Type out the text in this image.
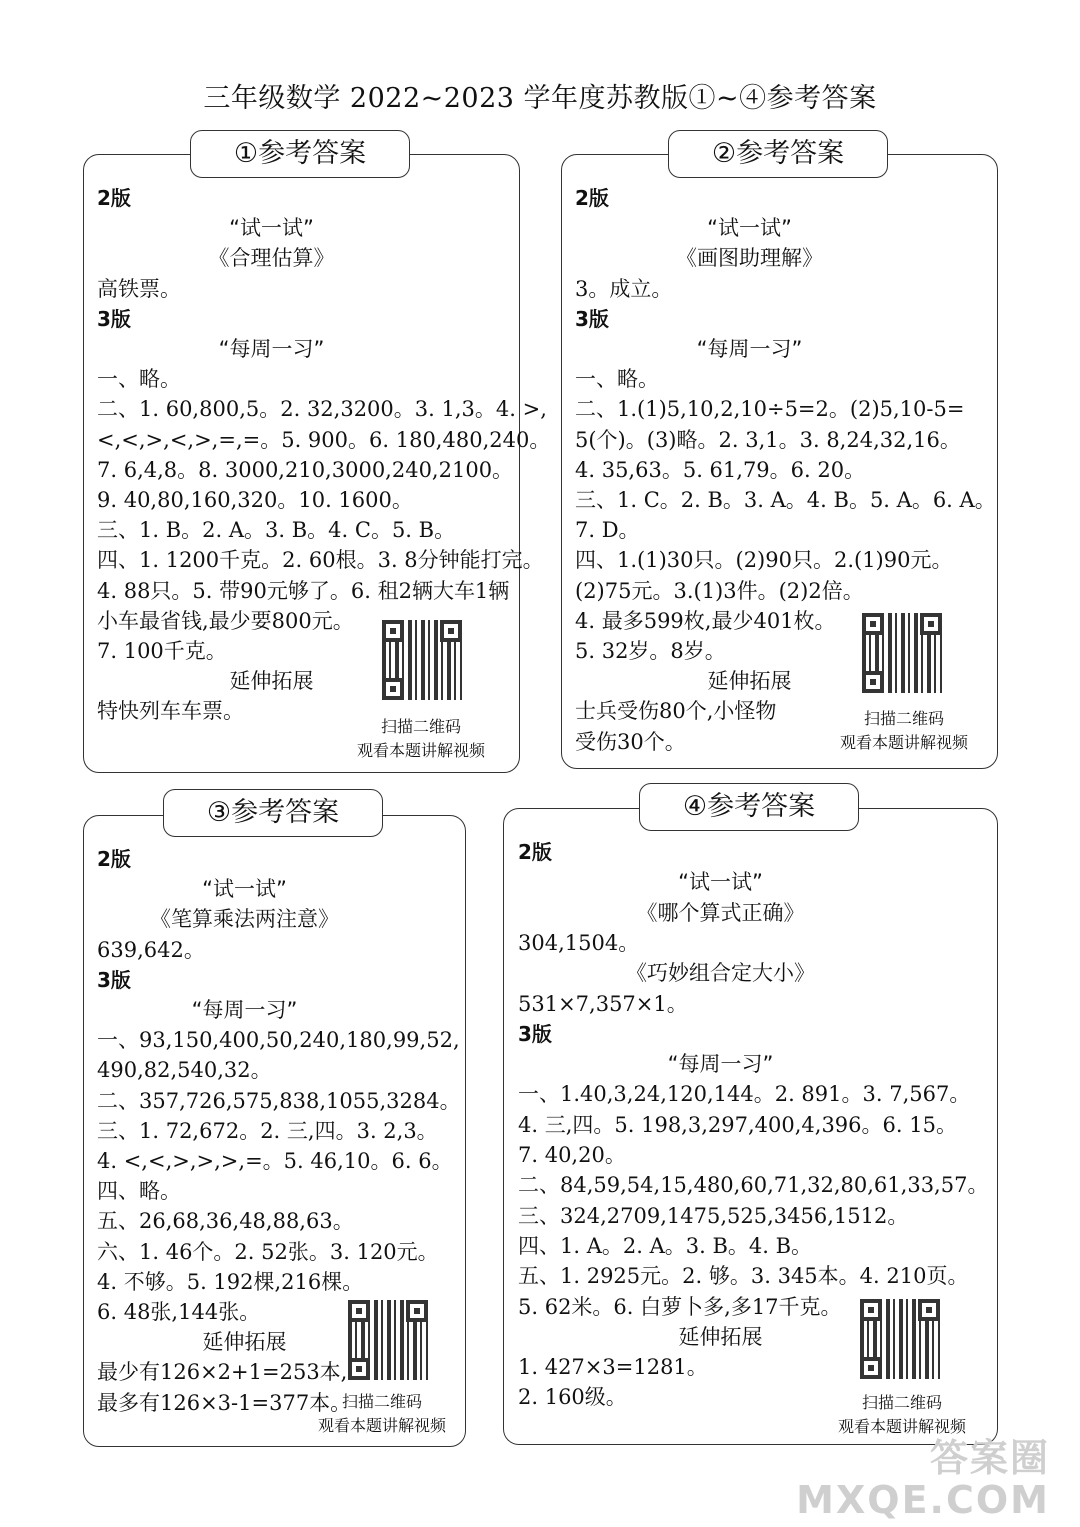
三年级数学 2022~2023 学年度苏教版①~④参考答案
2版
“试一试”
《合理估算》
高铁票。
3版
“每周一习”
一、略。
二、1. 60,800,5。2. 32,3200。3. 1,3。4. >,
<,<,>,<,>,=,=。5. 900。6. 180,480,240。
7. 6,4,8。8. 3000,210,3000,240,2100。
9. 40,80,160,320。10. 1600。
三、1. B。2. A。3. B。4. C。5. B。
四、1. 1200千克。2. 60根。3. 8分钟能打完。
4. 88只。5. 带90元够了。6. 租2辆大车1辆
小车最省钱,最少要800元。
7. 100千克。
延伸拓展
特快列车车票。
扫描二维码
观看本题讲解视频
①参考答案
2版
“试一试”
《画图助理解》
3。成立。
3版
“每周一习”
一、略。
二、1.(1)5,10,2,10÷5=2。(2)5,10-5=
5(个)。(3)略。2. 3,1。3. 8,24,32,16。
4. 35,63。5. 61,79。6. 20。
三、1. C。2. B。3. A。4. B。5. A。6. A。
7. D。
四、1.(1)30只。(2)90只。2.(1)90元。
(2)75元。3.(1)3件。(2)2倍。
4. 最多599枚,最少401枚。
5. 32岁。8岁。
延伸拓展
士兵受伤80个,小怪物
受伤30个。
扫描二维码
观看本题讲解视频
②参考答案
2版
“试一试”
《笔算乘法两注意》
639,642。
3版
“每周一习”
一、93,150,400,50,240,180,99,52,
490,82,540,32。
二、357,726,575,838,1055,3284。
三、1. 72,672。2. 三,四。3. 2,3。
4. <,<,>,>,>,=。5. 46,10。6. 6。
四、略。
五、26,68,36,48,88,63。
六、1. 46个。2. 52张。3. 120元。
4. 不够。5. 192棵,216棵。
6. 48张,144张。
延伸拓展
最少有126×2+1=253本,
最多有126×3-1=377本。
扫描二维码
观看本题讲解视频
③参考答案
2版
“试一试”
《哪个算式正确》
304,1504。
《巧妙组合定大小》
531×7,357×1。
3版
“每周一习”
一、1.40,3,24,120,144。2. 891。3. 7,567。
4. 三,四。5. 198,3,297,400,4,396。6. 15。
7. 40,20。
二、84,59,54,15,480,60,71,32,80,61,33,57。
三、324,2709,1475,525,3456,1512。
四、1. A。2. A。3. B。4. B。
五、1. 2925元。2. 够。3. 345本。4. 210页。
5. 62米。6. 白萝卜多,多17千克。
延伸拓展
1. 427×3=1281。
2. 160级。	扫描二维码
观看本题讲解视频
④参考答案
答案圈
MXQE.COM
